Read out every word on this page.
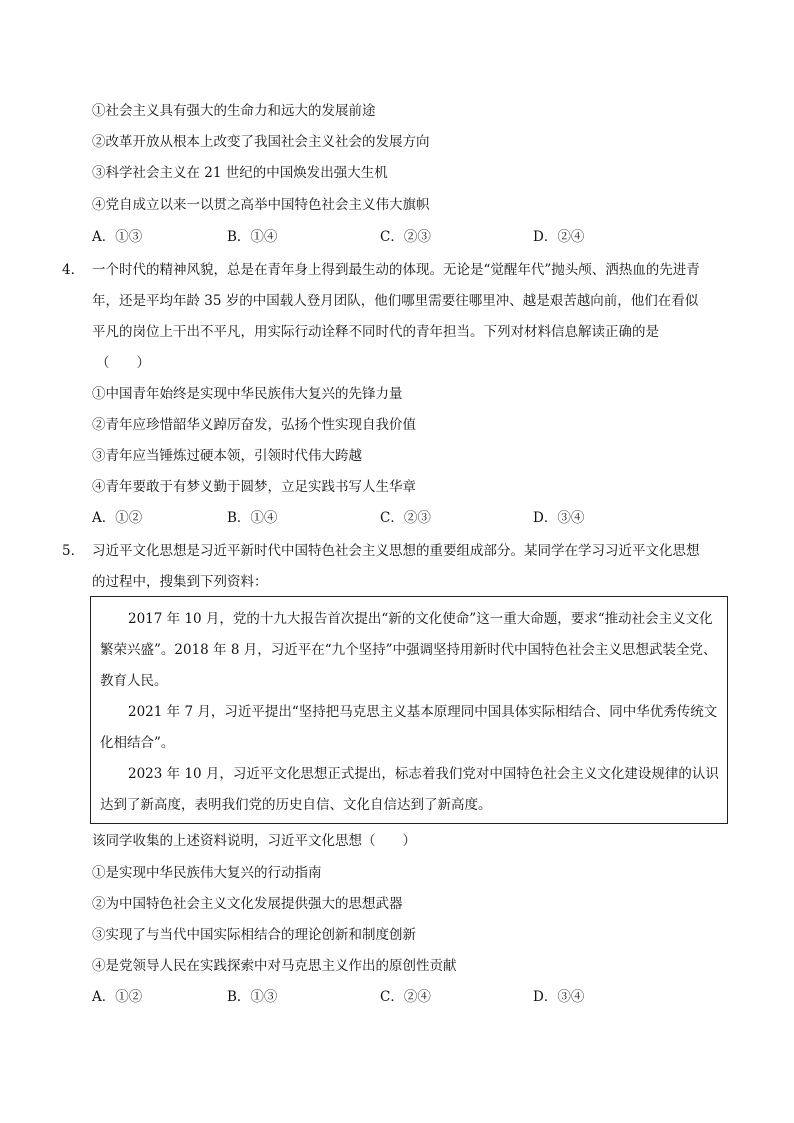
①社会主义具有强大的生命力和远大的发展前途
②改革开放从根本上改变了我国社会主义社会的发展方向
③科学社会主义在 21 世纪的中国焕发出强大生机
④党自成立以来一以贯之高举中国特色社会主义伟大旗帜
A．①③	B．①④	C．②③	D．②④
4． 一个时代的精神风貌，总是在青年身上得到最生动的体现。无论是“觉醒年代”抛头颅、洒热血的先进青
年，还是平均年龄 35 岁的中国载人登月团队，他们哪里需要往哪里冲、越是艰苦越向前，他们在看似
平凡的岗位上干出不平凡，用实际行动诠释不同时代的青年担当。下列对材料信息解读正确的是
（　　）
①中国青年始终是实现中华民族伟大复兴的先锋力量
②青年应珍惜韶华义踔厉奋发，弘扬个性实现自我价值
③青年应当锤炼过硬本领，引领时代伟大跨越
④青年要敢于有梦义勤于圆梦，立足实践书写人生华章
A．①②	B．①④	C．②③	D．③④
5． 习近平文化思想是习近平新时代中国特色社会主义思想的重要组成部分。某同学在学习习近平文化思想
的过程中，搜集到下列资料：
2017 年 10 月，党的十九大报告首次提出“新的文化使命”这一重大命题，要求“推动社会主义文化
繁荣兴盛”。2018 年 8 月，习近平在“九个坚持”中强调坚持用新时代中国特色社会主义思想武装全党、
教育人民。
2021 年 7 月，习近平提出“坚持把马克思主义基本原理同中国具体实际相结合、同中华优秀传统文
化相结合”。
2023 年 10 月，习近平文化思想正式提出，标志着我们党对中国特色社会主义文化建设规律的认识
达到了新高度，表明我们党的历史自信、文化自信达到了新高度。
该同学收集的上述资料说明，习近平文化思想（　　）
①是实现中华民族伟大复兴的行动指南
②为中国特色社会主义文化发展提供强大的思想武器
③实现了与当代中国实际相结合的理论创新和制度创新
④是党领导人民在实践探索中对马克思主义作出的原创性贡献
A．①②	B．①③	C．②④	D．③④
